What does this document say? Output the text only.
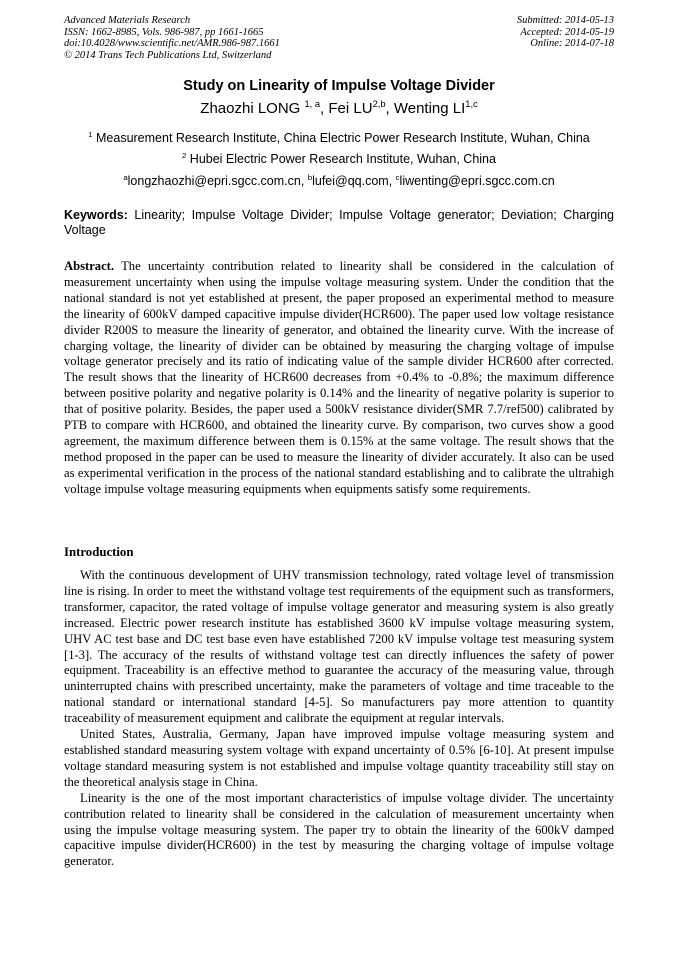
Advanced Materials Research
ISSN: 1662-8985, Vols. 986-987, pp 1661-1665
doi:10.4028/www.scientific.net/AMR.986-987.1661
© 2014 Trans Tech Publications Ltd, Switzerland
Submitted: 2014-05-13
Accepted: 2014-05-19
Online: 2014-07-18
Study on Linearity of Impulse Voltage Divider
Zhaozhi LONG $^{1, a}$, Fei LU$^{2,b}$, Wenting LI$^{1,c}$
$^1$ Measurement Research Institute, China Electric Power Research Institute, Wuhan, China
$^2$ Hubei Electric Power Research Institute, Wuhan, China
$^a$longzhaozhi@epri.sgcc.com.cn, $^b$lufei@qq.com, $^c$liwenting@epri.sgcc.com.cn
Keywords: Linearity; Impulse Voltage Divider; Impulse Voltage generator; Deviation; Charging Voltage
Abstract. The uncertainty contribution related to linearity shall be considered in the calculation of measurement uncertainty when using the impulse voltage measuring system. Under the condition that the national standard is not yet established at present, the paper proposed an experimental method to measure the linearity of 600kV damped capacitive impulse divider(HCR600). The paper used low voltage resistance divider R200S to measure the linearity of generator, and obtained the linearity curve. With the increase of charging voltage, the linearity of divider can be obtained by measuring the charging voltage of impulse voltage generator precisely and its ratio of indicating value of the sample divider HCR600 after corrected. The result shows that the linearity of HCR600 decreases from +0.4% to -0.8%; the maximum difference between positive polarity and negative polarity is 0.14% and the linearity of negative polarity is superior to that of positive polarity. Besides, the paper used a 500kV resistance divider(SMR 7.7/ref500) calibrated by PTB to compare with HCR600, and obtained the linearity curve. By comparison, two curves show a good agreement, the maximum difference between them is 0.15% at the same voltage. The result shows that the method proposed in the paper can be used to measure the linearity of divider accurately. It also can be used as experimental verification in the process of the national standard establishing and to calibrate the ultrahigh voltage impulse voltage measuring equipments when equipments satisfy some requirements.
Introduction

With the continuous development of UHV transmission technology, rated voltage level of transmission line is rising. In order to meet the withstand voltage test requirements of the equipment such as transformers, transformer, capacitor, the rated voltage of impulse voltage generator and measuring system is also greatly increased. Electric power research institute has established 3600 kV impulse voltage measuring system, UHV AC test base and DC test base even have established 7200 kV impulse voltage test measuring system [1-3]. The accuracy of the results of withstand voltage test can directly influences the safety of power equipment. Traceability is an effective method to guarantee the accuracy of the measuring value, through uninterrupted chains with prescribed uncertainty, make the parameters of voltage and time traceable to the national standard or international standard [4-5]. So manufacturers pay more attention to quantity traceability of measurement equipment and calibrate the equipment at regular intervals.

United States, Australia, Germany, Japan have improved impulse voltage measuring system and established standard measuring system voltage with expand uncertainty of 0.5% [6-10]. At present impulse voltage standard measuring system is not established and impulse voltage quantity traceability still stay on the theoretical analysis stage in China.

Linearity is the one of the most important characteristics of impulse voltage divider. The uncertainty contribution related to linearity shall be considered in the calculation of measurement uncertainty when using the impulse voltage measuring system. The paper try to obtain the linearity of the 600kV damped capacitive impulse divider(HCR600) in the test by measuring the charging voltage of impulse voltage generator.
